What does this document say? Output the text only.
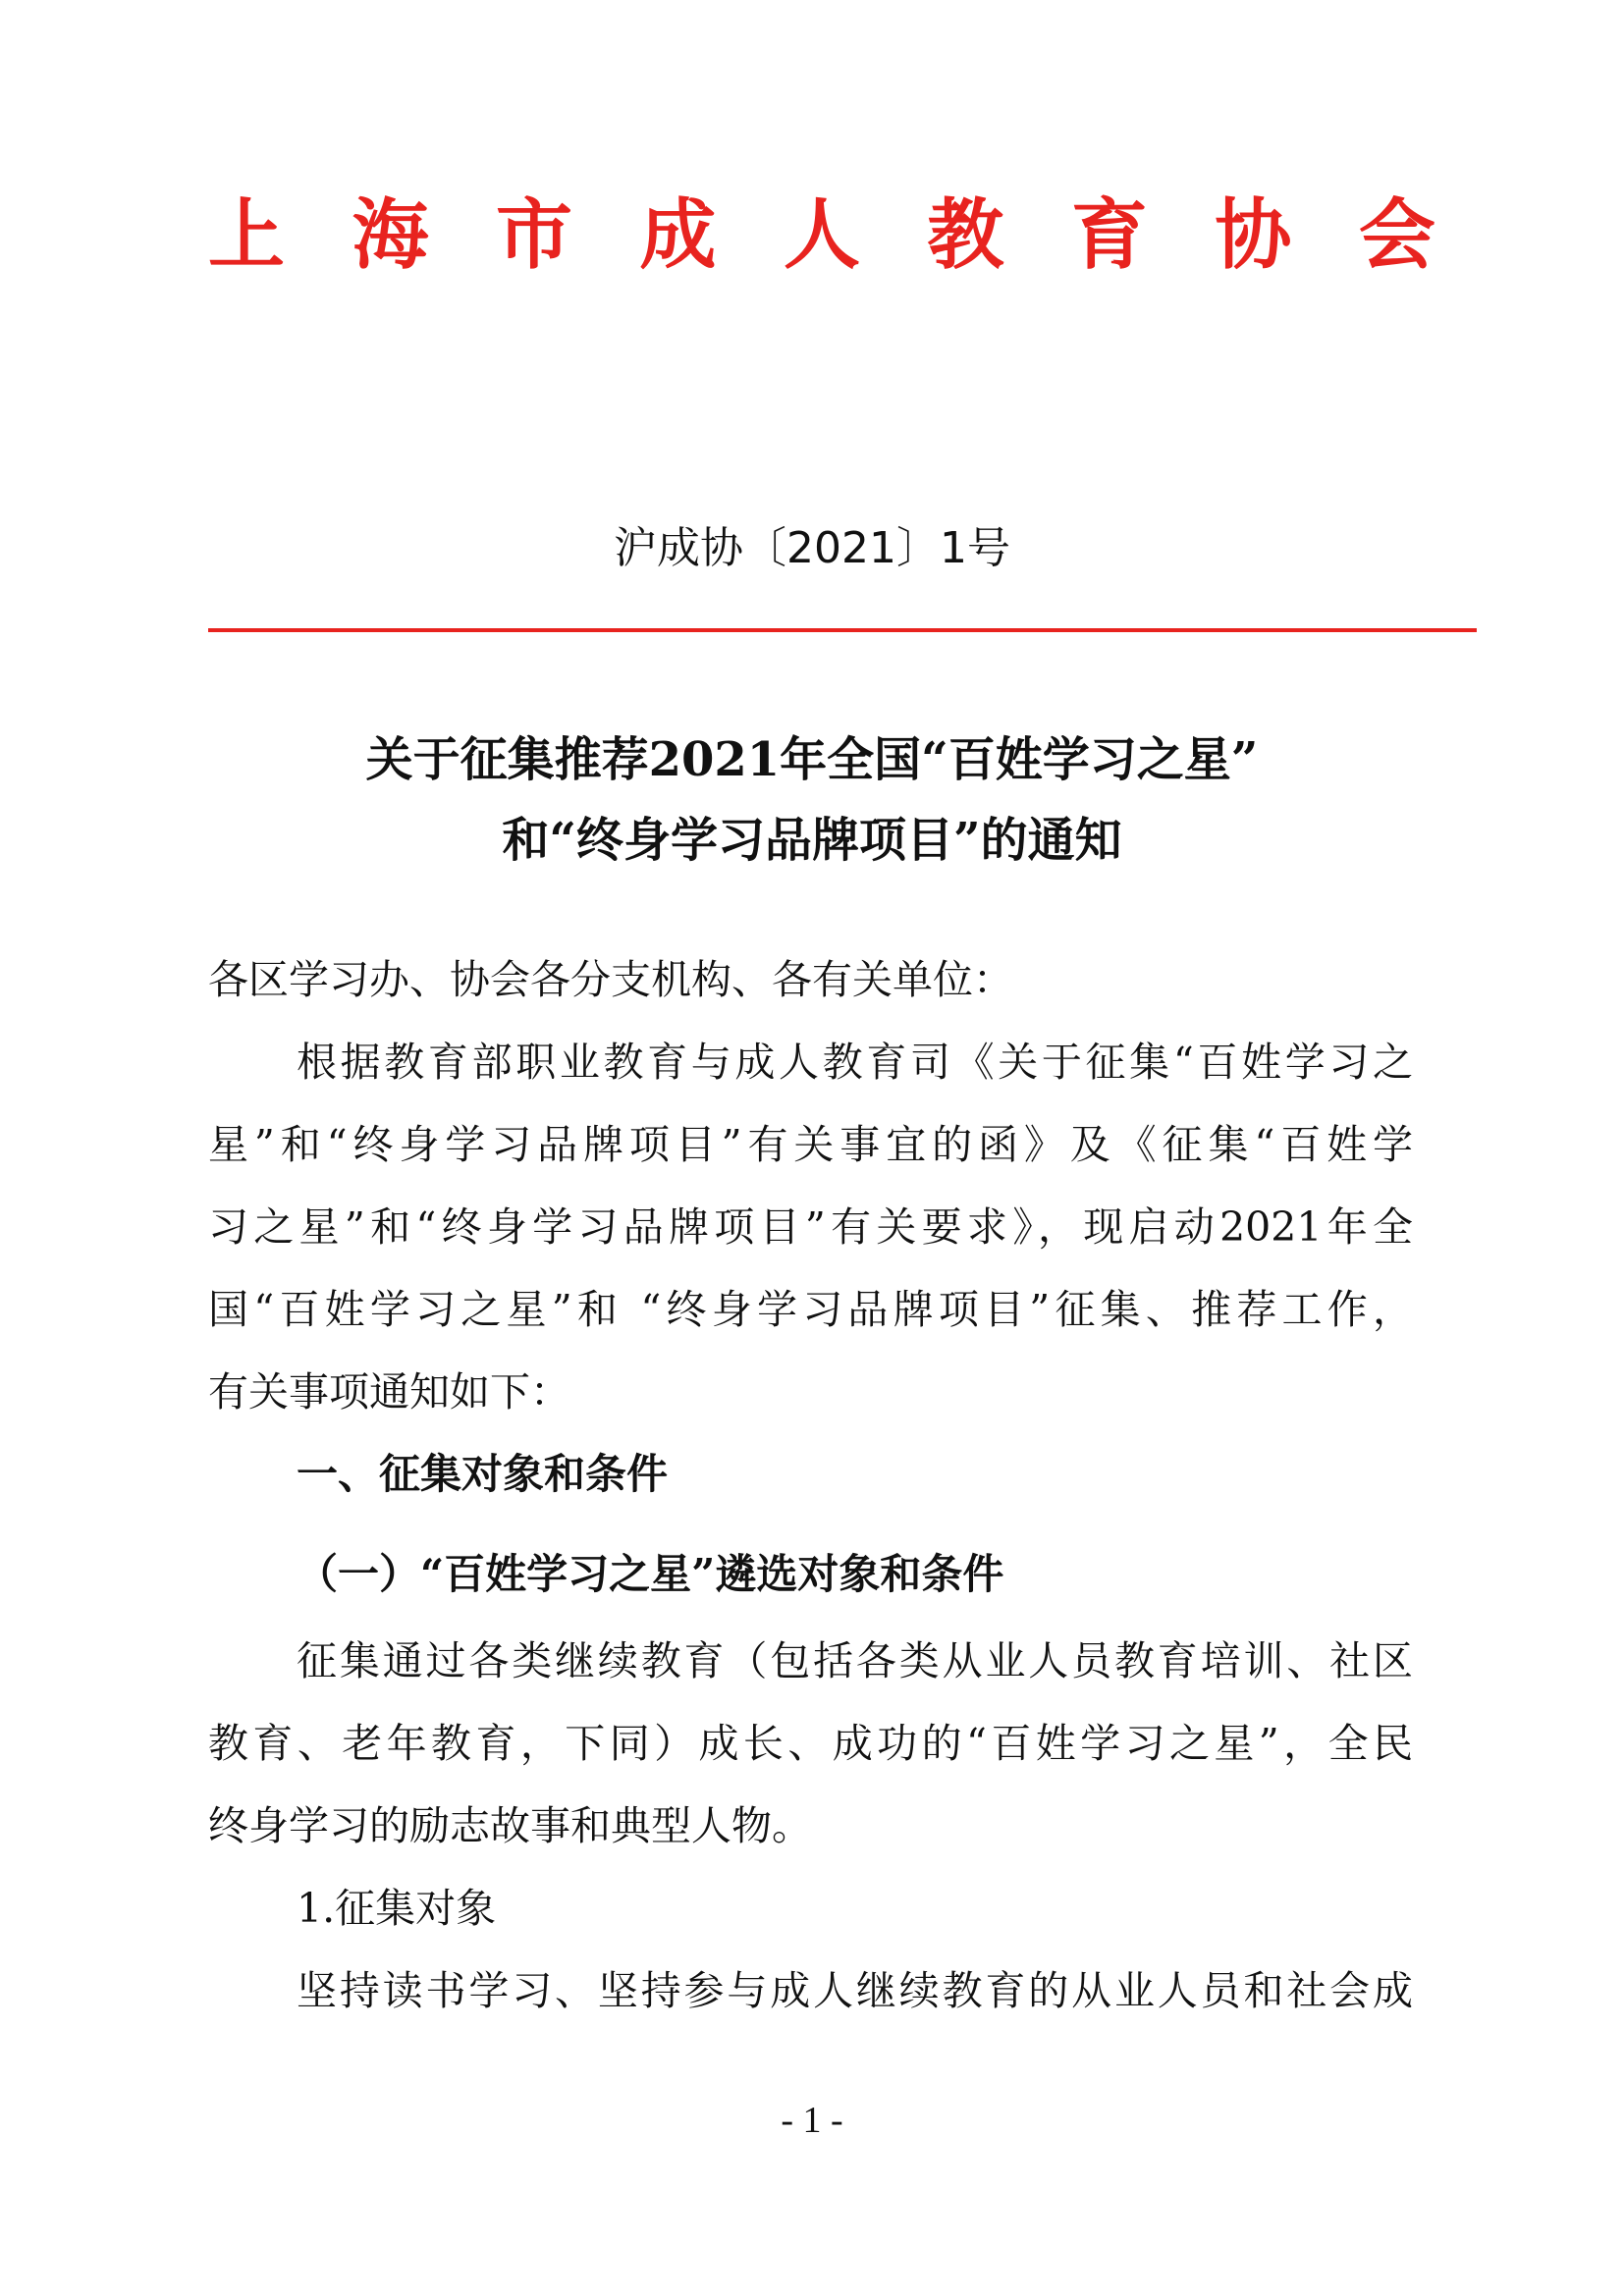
上 海 市 成 人 教 育 协 会
沪成协〔2021〕1号
关于征集推荐2021年全国“百姓学习之星”
和“终身学习品牌项目”的通知
各区学习办、协会各分支机构、各有关单位：
根据教育部职业教育与成人教育司《关于征集“百姓学习之
星”和“终身学习品牌项目”有关事宜的函》及《征集“百姓学
习之星”和“终身学习品牌项目”有关要求》，现启动2021年全
国“百姓学习之星”和 “终身学习品牌项目”征集、推荐工作，
有关事项通知如下：
一、征集对象和条件
（一）“百姓学习之星”遴选对象和条件
征集通过各类继续教育（包括各类从业人员教育培训、社区
教育、老年教育，下同）成长、成功的“百姓学习之星”，全民
终身学习的励志故事和典型人物。
1.征集对象
坚持读书学习、坚持参与成人继续教育的从业人员和社会成
- 1 -
